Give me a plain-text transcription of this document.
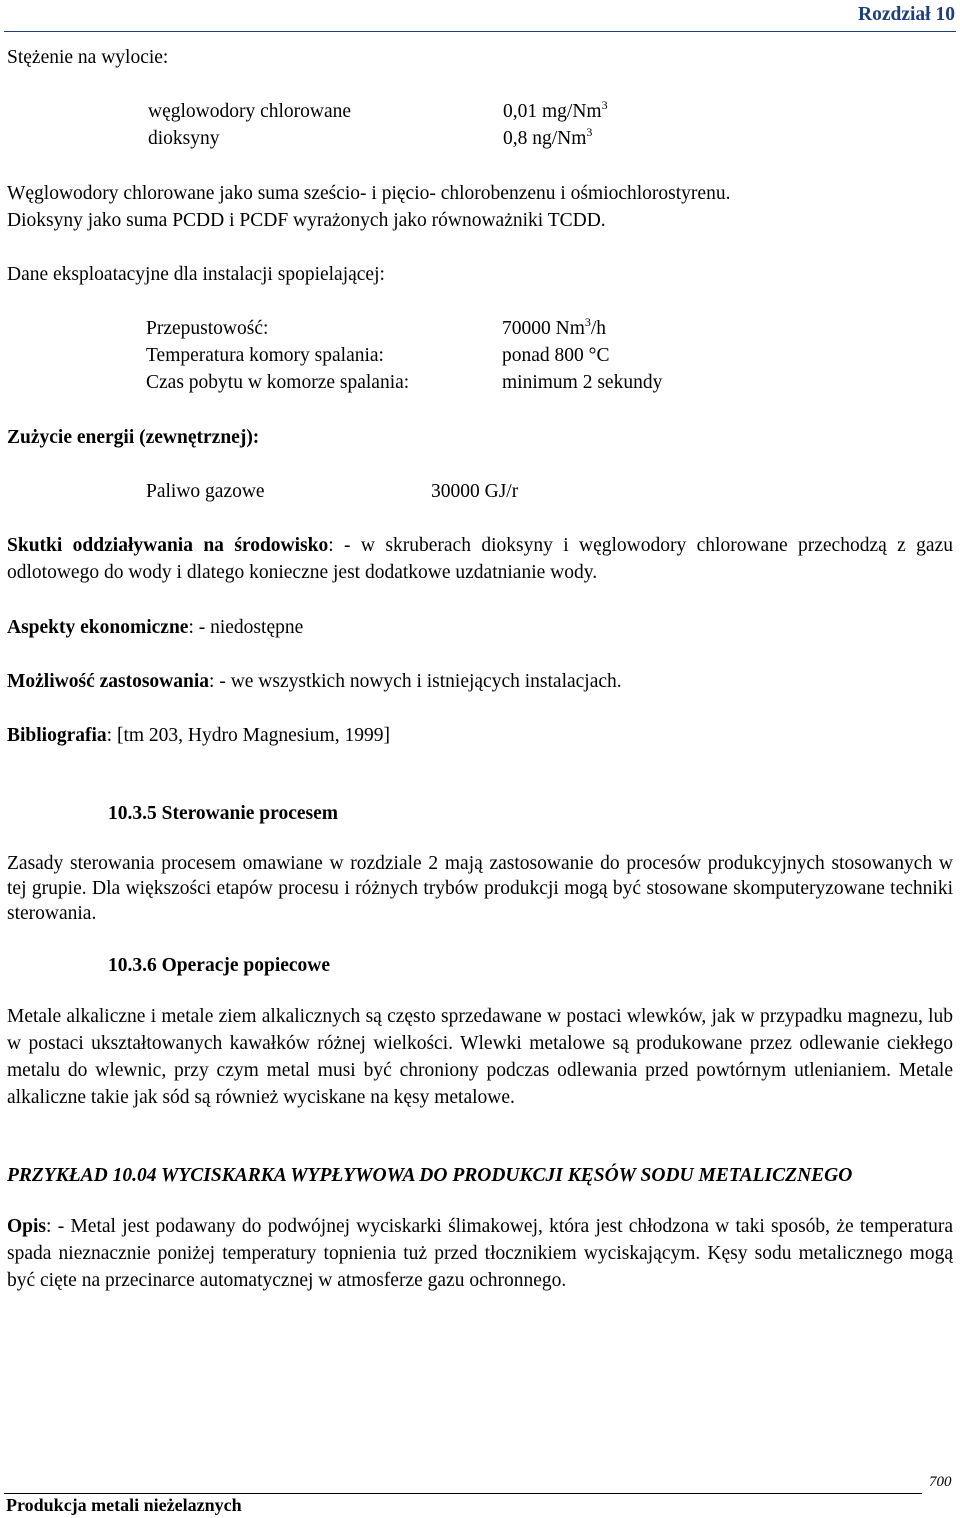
Rozdział 10
Stężenie na wylocie:
węglowodory chlorowane	0,01 mg/Nm$^3$
dioksyny	0,8 ng/Nm$^3$
Węglowodory chlorowane jako suma sześcio- i pięcio- chlorobenzenu i ośmiochlorostyrenu.
Dioksyny jako suma PCDD i PCDF wyrażonych jako równoważniki TCDD.
Dane eksploatacyjne dla instalacji spopielającej:
Przepustowość:	70000 Nm$^3$/h
Temperatura komory spalania:	ponad 800 °C
Czas pobytu w komorze spalania:	minimum 2 sekundy
Zużycie energii (zewnętrznej):
Paliwo gazowe	30000 GJ/r
Skutki oddziaływania na środowisko: - w skruberach dioksyny i węglowodory chlorowane przechodzą z gazu odlotowego do wody i dlatego konieczne jest dodatkowe uzdatnianie wody.
Aspekty ekonomiczne: - niedostępne
Możliwość zastosowania: - we wszystkich nowych i istniejących instalacjach.
Bibliografia: [tm 203, Hydro Magnesium, 1999]
10.3.5 Sterowanie procesem
Zasady sterowania procesem omawiane w rozdziale 2 mają zastosowanie do procesów produkcyjnych stosowanych w tej grupie. Dla większości etapów procesu i różnych trybów produkcji mogą być stosowane skomputeryzowane techniki sterowania.
10.3.6 Operacje popiecowe
Metale alkaliczne i metale ziem alkalicznych są często sprzedawane w postaci wlewków, jak w przypadku magnezu, lub w postaci ukształtowanych kawałków różnej wielkości. Wlewki metalowe są produkowane przez odlewanie ciekłego metalu do wlewnic, przy czym metal musi być chroniony podczas odlewania przed powtórnym utlenianiem. Metale alkaliczne takie jak sód są również wyciskane na kęsy metalowe.
PRZYKŁAD 10.04 WYCISKARKA WYPŁYWOWA DO PRODUKCJI KĘSÓW SODU METALICZNEGO
Opis: - Metal jest podawany do podwójnej wyciskarki ślimakowej, która jest chłodzona w taki sposób, że temperatura spada nieznacznie poniżej temperatury topnienia tuż przed tłocznikiem wyciskającym. Kęsy sodu metalicznego mogą być cięte na przecinarce automatycznej w atmosferze gazu ochronnego.
700
Produkcja metali nieżelaznych
